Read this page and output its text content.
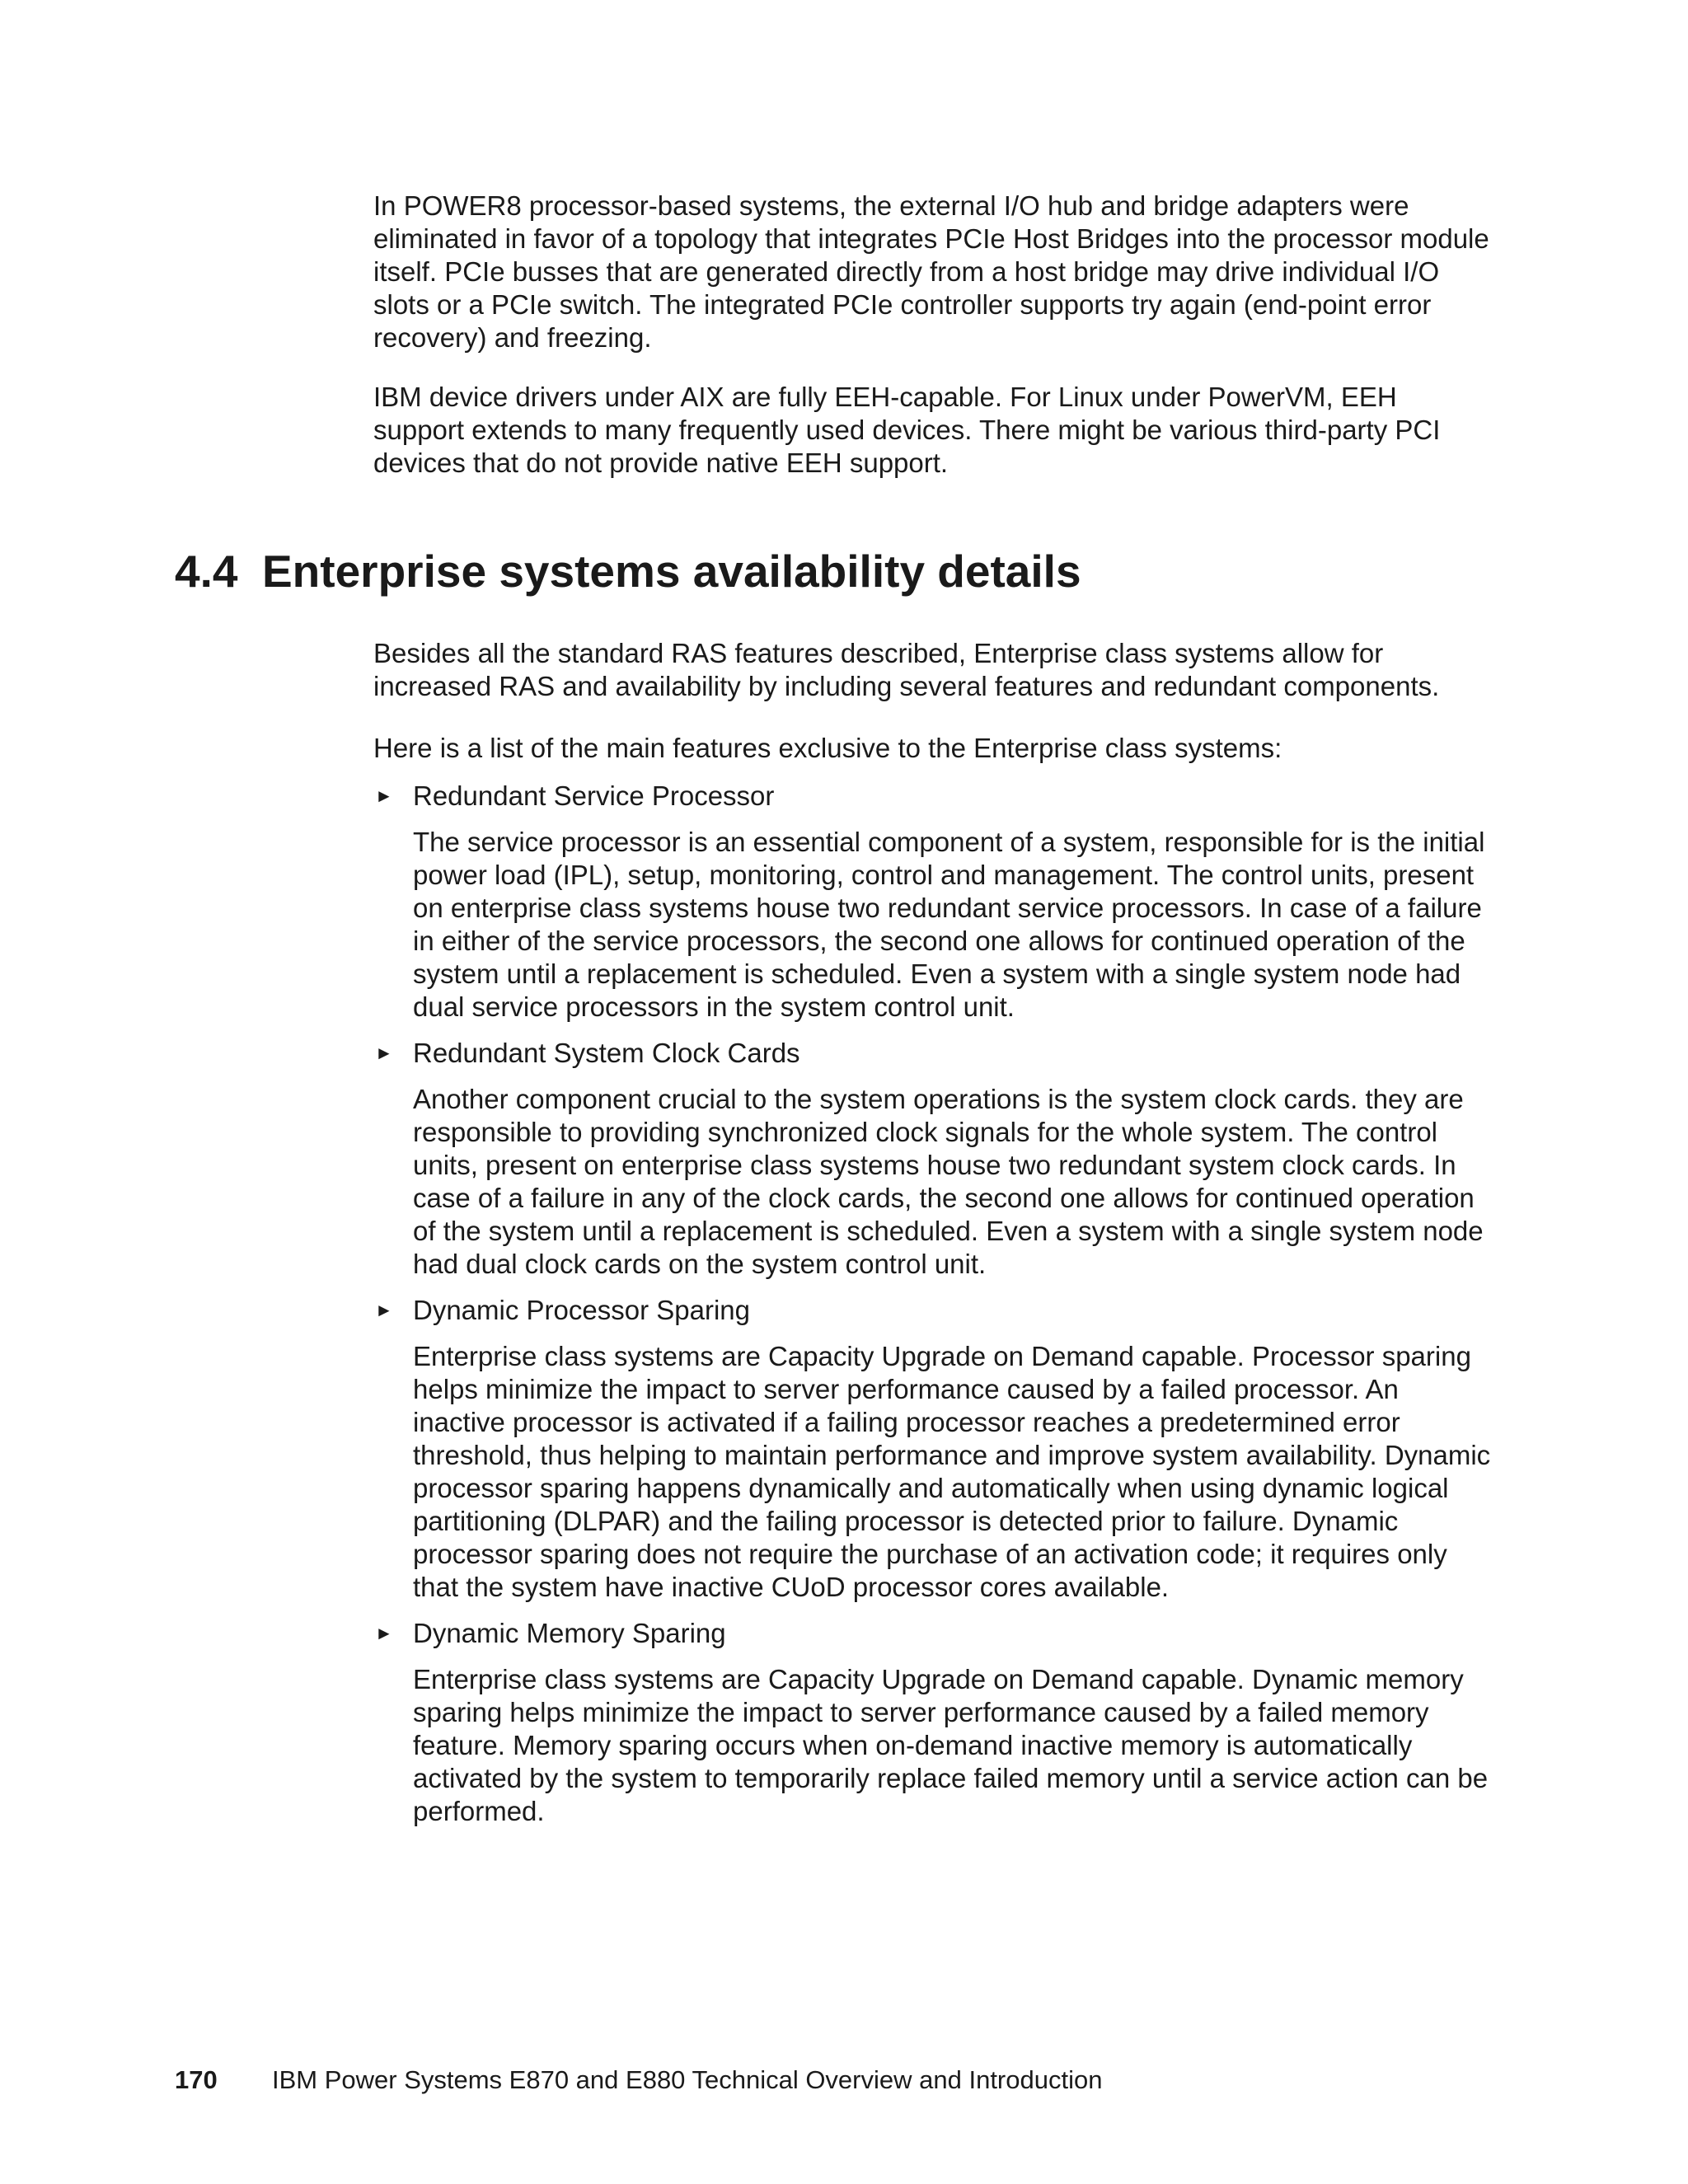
In POWER8 processor-based systems, the external I/O hub and bridge adapters were eliminated in favor of a topology that integrates PCIe Host Bridges into the processor module itself. PCIe busses that are generated directly from a host bridge may drive individual I/O slots or a PCIe switch. The integrated PCIe controller supports try again (end-point error recovery) and freezing.

IBM device drivers under AIX are fully EEH-capable. For Linux under PowerVM, EEH support extends to many frequently used devices. There might be various third-party PCI devices that do not provide native EEH support.

4.4 Enterprise systems availability details

Besides all the standard RAS features described, Enterprise class systems allow for increased RAS and availability by including several features and redundant components.

Here is a list of the main features exclusive to the Enterprise class systems:

► Redundant Service Processor

The service processor is an essential component of a system, responsible for is the initial power load (IPL), setup, monitoring, control and management. The control units, present on enterprise class systems house two redundant service processors. In case of a failure in either of the service processors, the second one allows for continued operation of the system until a replacement is scheduled. Even a system with a single system node had dual service processors in the system control unit.

► Redundant System Clock Cards

Another component crucial to the system operations is the system clock cards. they are responsible to providing synchronized clock signals for the whole system. The control units, present on enterprise class systems house two redundant system clock cards. In case of a failure in any of the clock cards, the second one allows for continued operation of the system until a replacement is scheduled. Even a system with a single system node had dual clock cards on the system control unit.

► Dynamic Processor Sparing

Enterprise class systems are Capacity Upgrade on Demand capable. Processor sparing helps minimize the impact to server performance caused by a failed processor. An inactive processor is activated if a failing processor reaches a predetermined error threshold, thus helping to maintain performance and improve system availability. Dynamic processor sparing happens dynamically and automatically when using dynamic logical partitioning (DLPAR) and the failing processor is detected prior to failure. Dynamic processor sparing does not require the purchase of an activation code; it requires only that the system have inactive CUoD processor cores available.

► Dynamic Memory Sparing

Enterprise class systems are Capacity Upgrade on Demand capable. Dynamic memory sparing helps minimize the impact to server performance caused by a failed memory feature. Memory sparing occurs when on-demand inactive memory is automatically activated by the system to temporarily replace failed memory until a service action can be performed.

170 IBM Power Systems E870 and E880 Technical Overview and Introduction
